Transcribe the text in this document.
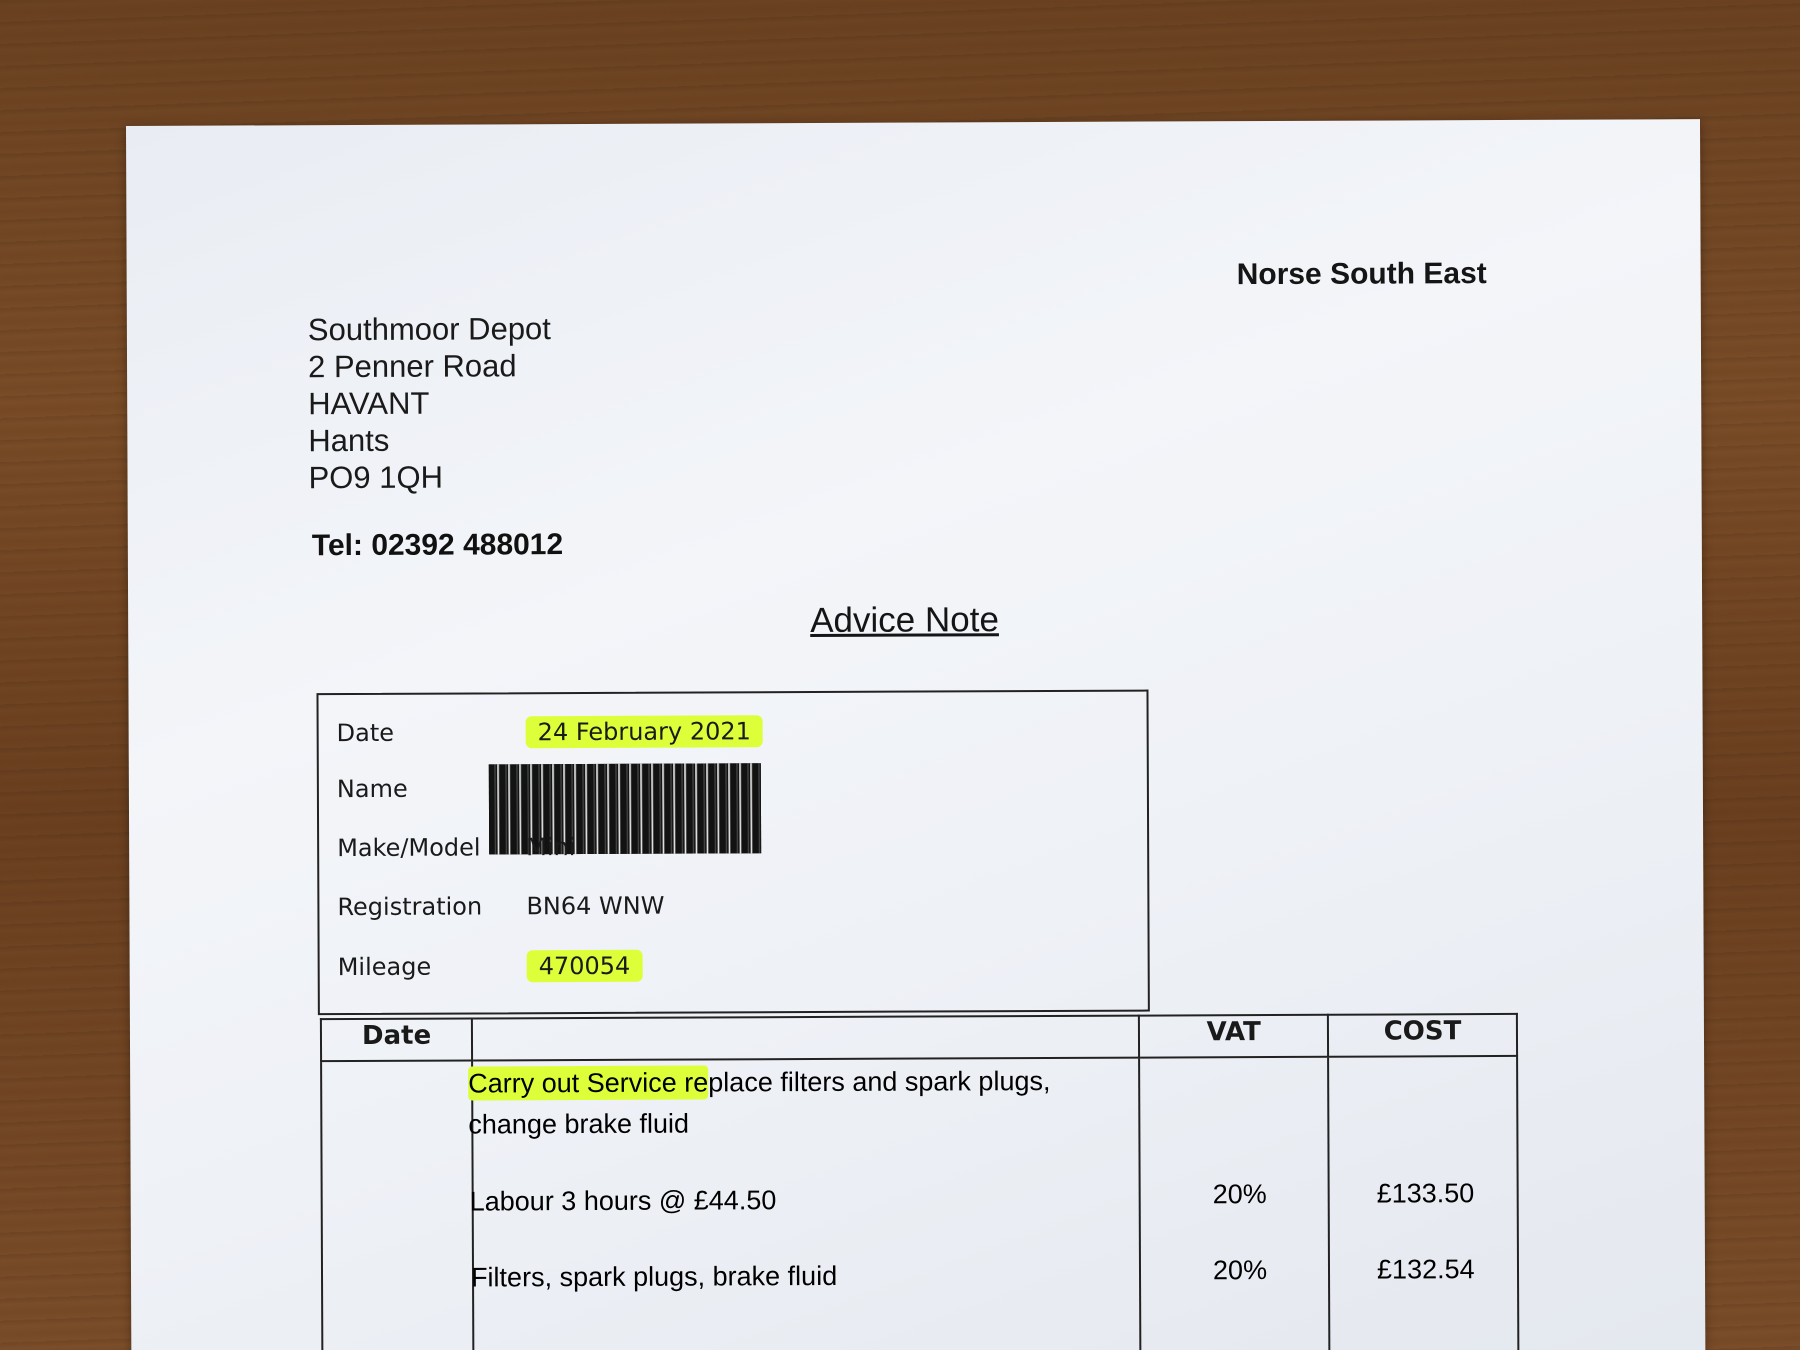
Norse South East
Southmoor Depot
2 Penner Road
HAVANT
Hants
PO9 1QH
Tel: 02392 488012
Advice Note
Date	24 February 2021
Name
Make/Model Mini
Registration BN64 WNW
Mileage	470054
Date		VAT	COST

Carry out Service replace filters and spark plugs,
change brake fluid
Labour 3 hours @ £44.50	20%	£133.50
Filters, spark plugs, brake fluid	20%	£132.54
